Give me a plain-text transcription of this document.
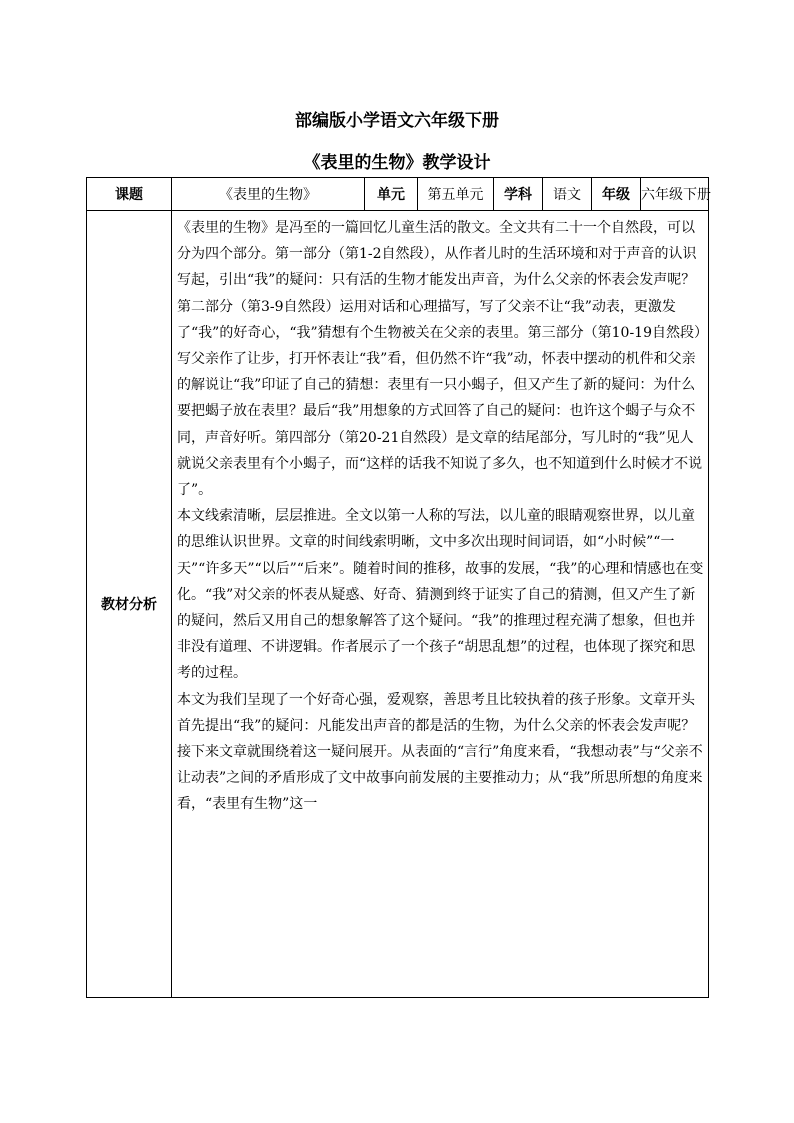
部编版小学语文六年级下册
《表里的生物》教学设计
课题	《表里的生物》	单元	第五单元	学科	语文	年级	六年级下册
教材分析	《表里的生物》是冯至的一篇回忆儿童生活的散文。全文共有二十一个自然段，可以分为四个部分。第一部分（第1-2自然段），从作者儿时的生活环境和对于声音的认识写起，引出“我”的疑问：只有活的生物才能发出声音，为什么父亲的怀表会发声呢？第二部分（第3-9自然段）运用对话和心理描写，写了父亲不让“我”动表，更激发了“我”的好奇心，“我”猜想有个生物被关在父亲的表里。第三部分（第10-19自然段）写父亲作了让步，打开怀表让“我”看，但仍然不许“我”动，怀表中摆动的机件和父亲的解说让“我”印证了自己的猜想：表里有一只小蝎子，但又产生了新的疑问：为什么要把蝎子放在表里？最后“我”用想象的方式回答了自己的疑问：也许这个蝎子与众不同，声音好听。第四部分（第20-21自然段）是文章的结尾部分，写儿时的“我”见人就说父亲表里有个小蝎子，而“这样的话我不知说了多久，也不知道到什么时候才不说了”。

本文线索清晰，层层推进。全文以第一人称的写法，以儿童的眼睛观察世界，以儿童的思维认识世界。文章的时间线索明晰，文中多次出现时间词语，如“小时候”“一天”“许多天”“以后”“后来”。随着时间的推移，故事的发展，“我”的心理和情感也在变化。“我”对父亲的怀表从疑惑、好奇、猜测到终于证实了自己的猜测，但又产生了新的疑问，然后又用自己的想象解答了这个疑问。“我”的推理过程充满了想象，但也并非没有道理、不讲逻辑。作者展示了一个孩子“胡思乱想”的过程，也体现了探究和思考的过程。

本文为我们呈现了一个好奇心强，爱观察，善思考且比较执着的孩子形象。文章开头首先提出“我”的疑问：凡能发出声音的都是活的生物，为什么父亲的怀表会发声呢？接下来文章就围绕着这一疑问展开。从表面的“言行”角度来看，“我想动表”与“父亲不让动表”之间的矛盾形成了文中故事向前发展的主要推动力；从“我”所思所想的角度来看，“表里有生物”这一						
